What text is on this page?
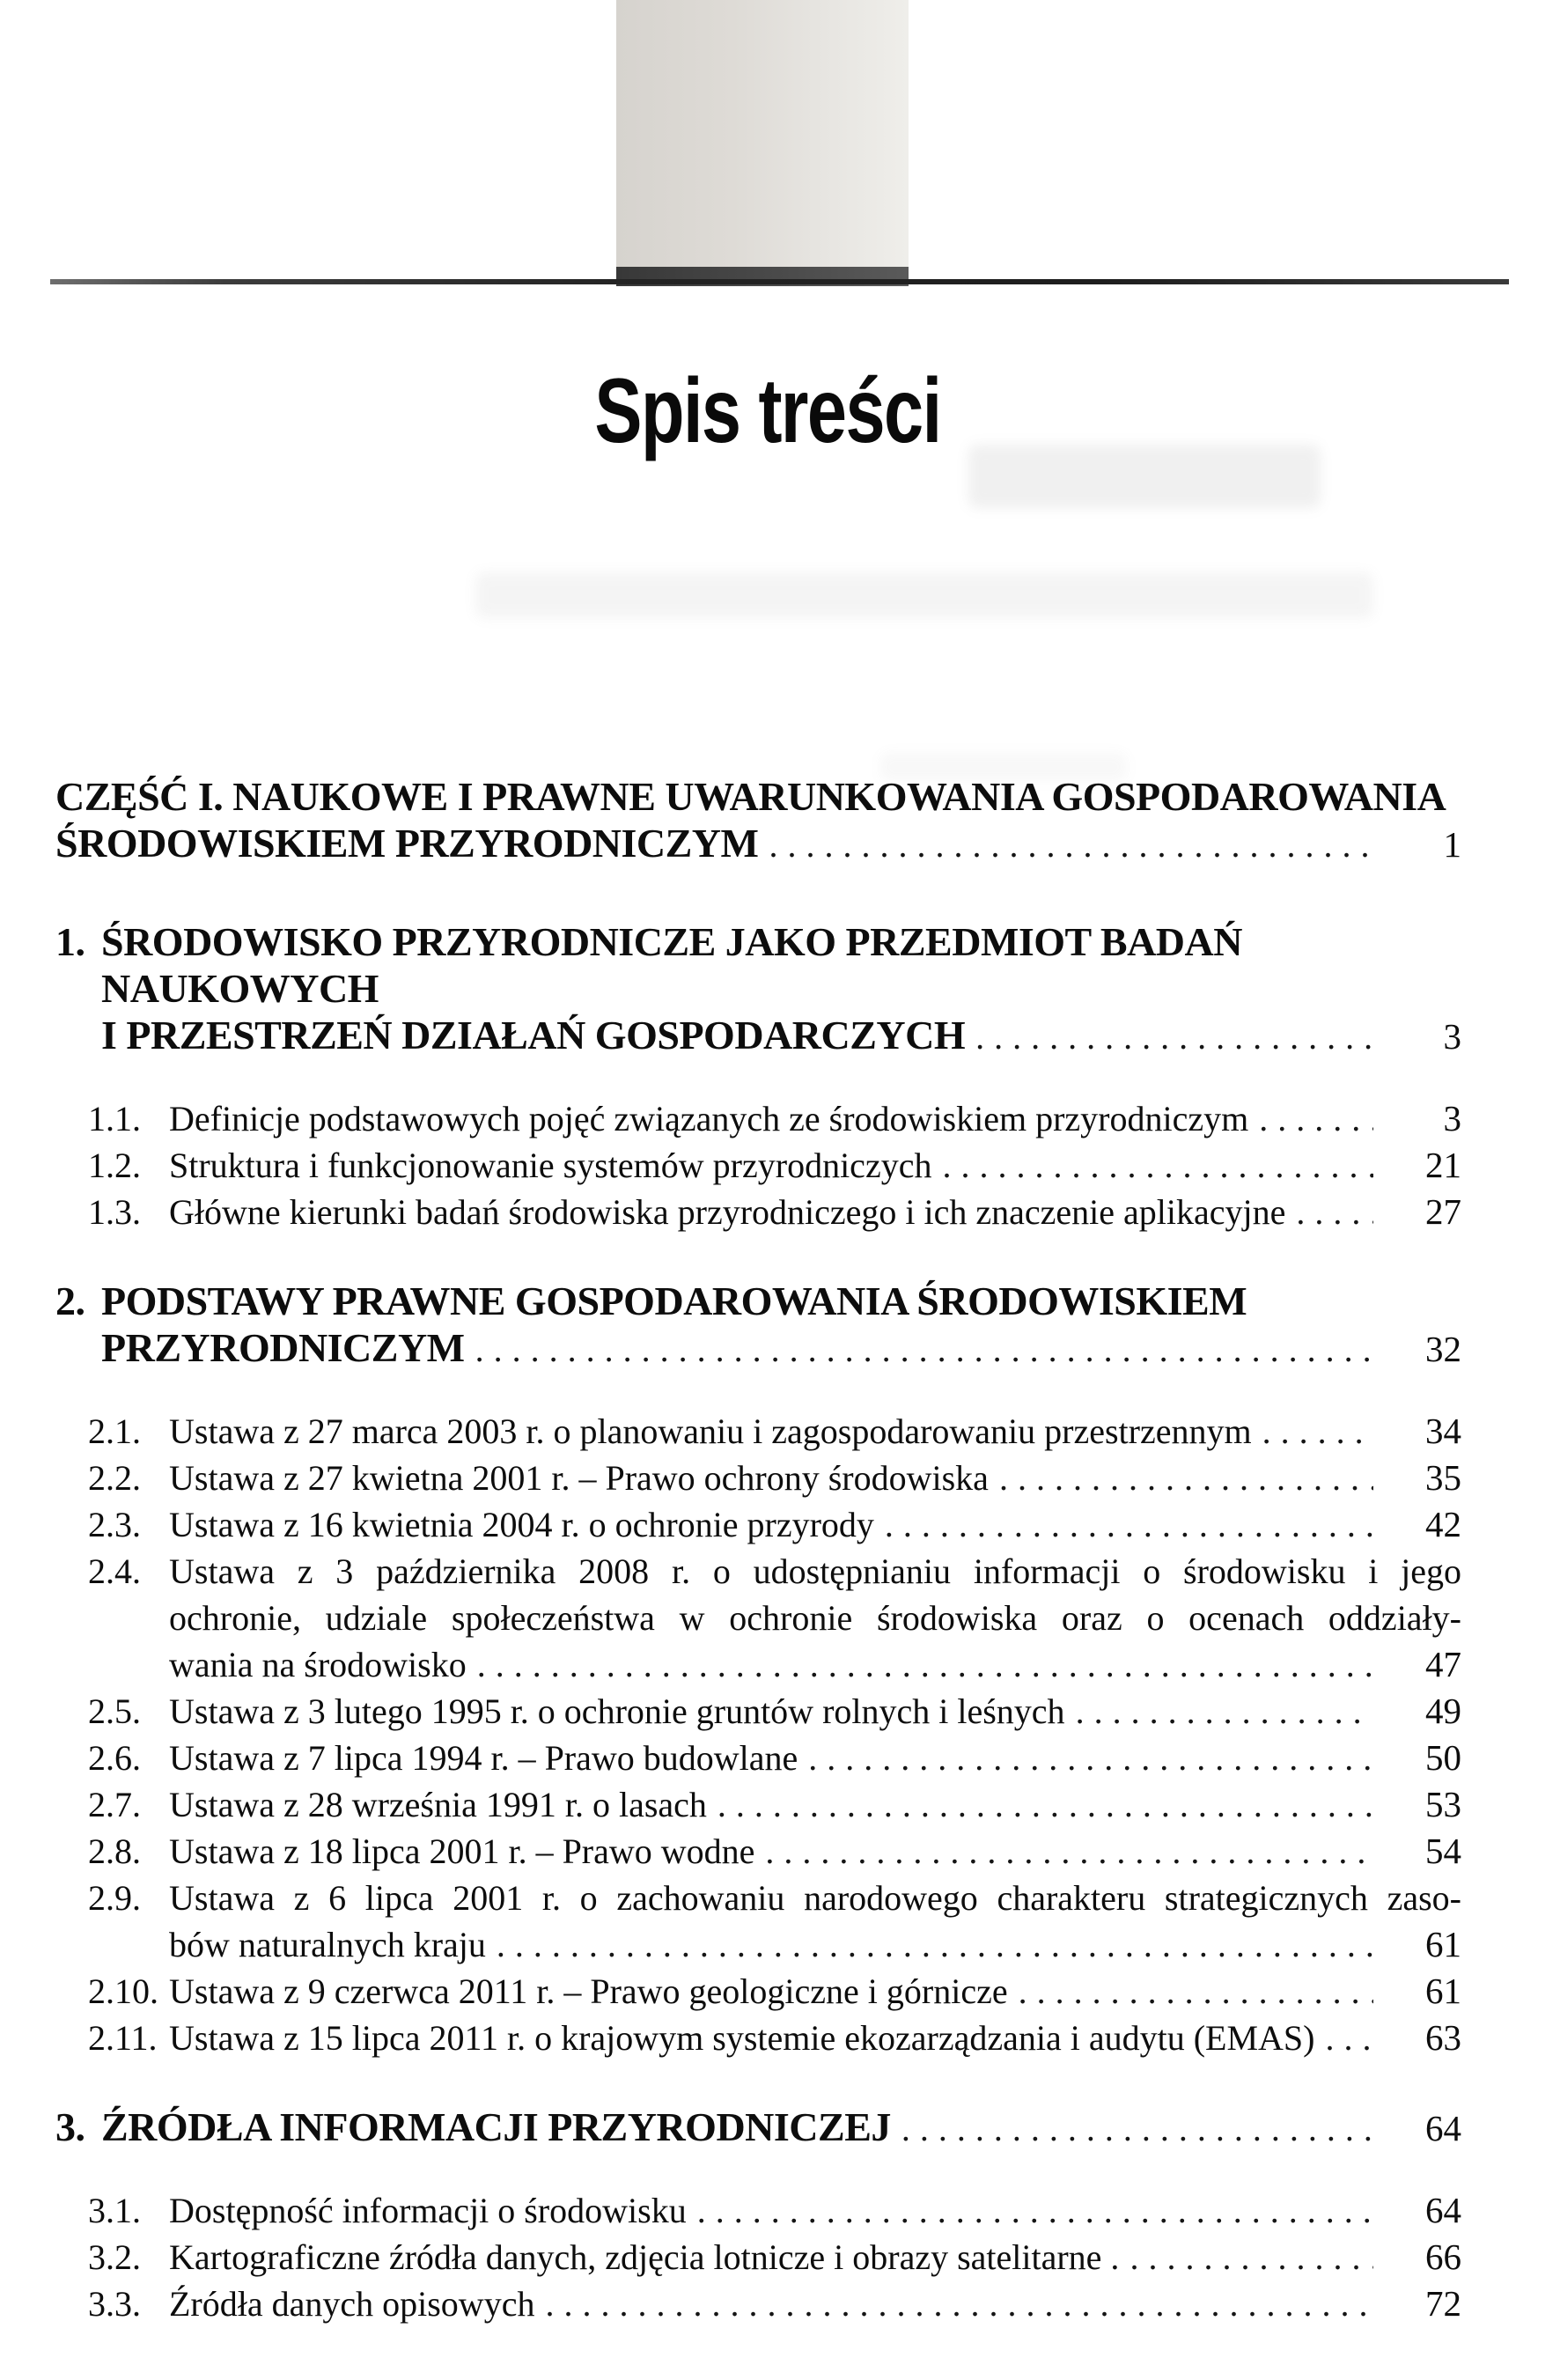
Spis treści
CZĘŚĆ I. NAUKOWE I PRAWNE UWARUNKOWANIA GOSPODAROWANIA
ŚRODOWISKIEM PRZYRODNICZYM .....	1
1. ŚRODOWISKO PRZYRODNICZE JAKO PRZEDMIOT BADAŃ NAUKOWYCH
I PRZESTRZEŃ DZIAŁAŃ GOSPODARCZYCH .....	3
1.1. Definicje podstawowych pojęć związanych ze środowiskiem przyrodniczym .....	3
1.2. Struktura i funkcjonowanie systemów przyrodniczych .....	21
1.3. Główne kierunki badań środowiska przyrodniczego i ich znaczenie aplikacyjne .....	27
2. PODSTAWY PRAWNE GOSPODAROWANIA ŚRODOWISKIEM
PRZYRODNICZYM .....	32
2.1. Ustawa z 27 marca 2003 r. o planowaniu i zagospodarowaniu przestrzennym .....	34
2.2. Ustawa z 27 kwietna 2001 r. – Prawo ochrony środowiska .....	35
2.3. Ustawa z 16 kwietnia 2004 r. o ochronie przyrody .....	42
2.4. Ustawa z 3 października 2008 r. o udostępnianiu informacji o środowisku i jego
ochronie, udziale społeczeństwa w ochronie środowiska oraz o ocenach oddziały-
wania na środowisko .....	47
2.5. Ustawa z 3 lutego 1995 r. o ochronie gruntów rolnych i leśnych .....	49
2.6. Ustawa z 7 lipca 1994 r. – Prawo budowlane .....	50
2.7. Ustawa z 28 września 1991 r. o lasach .....	53
2.8. Ustawa z 18 lipca 2001 r. – Prawo wodne .....	54
2.9. Ustawa z 6 lipca 2001 r. o zachowaniu narodowego charakteru strategicznych zaso-
bów naturalnych kraju .....	61
2.10. Ustawa z 9 czerwca 2011 r. – Prawo geologiczne i górnicze .....	61
2.11. Ustawa z 15 lipca 2011 r. o krajowym systemie ekozarządzania i audytu (EMAS) .....	63
3. ŹRÓDŁA INFORMACJI PRZYRODNICZEJ .....	64
3.1. Dostępność informacji o środowisku .....	64
3.2. Kartograficzne źródła danych, zdjęcia lotnicze i obrazy satelitarne . .....	66
3.3. Źródła danych opisowych .....	72
